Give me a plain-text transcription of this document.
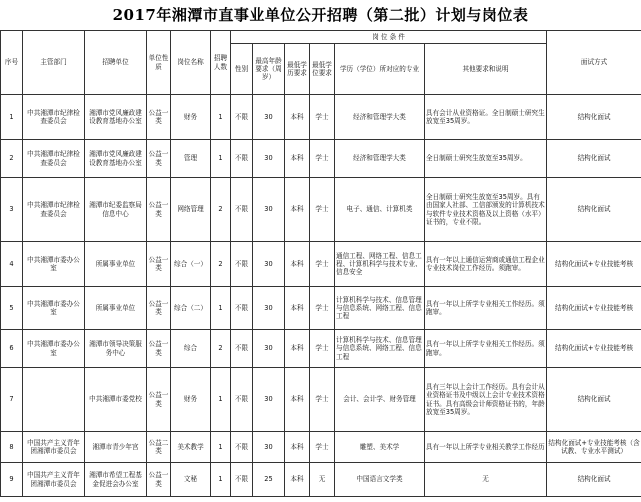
2017年湘潭市直事业单位公开招聘（第二批）计划与岗位表
序号	主管部门	招聘单位	单位性质	岗位名称	招聘人数	岗 位 条 件						面试方式
						性别	最高年龄要求（周岁）	最低学历要求	最低学位要求	学历（学位）所对应的专业	其他要求和说明	
1	中共湘潭市纪律检查委员会	湘潭市党风廉政建设教育基地办公室	公益一类	财务	1	不限	30	本科	学士	经济和管理学大类	具有会计从业资格证。全日制硕士研究生放宽至35周岁。	结构化面试
2	中共湘潭市纪律检查委员会	湘潭市党风廉政建设教育基地办公室	公益一类	管理	1	不限	30	本科	学士	经济和管理学大类	全日制硕士研究生放宽至35周岁。	结构化面试
3	中共湘潭市纪律检查委员会	湘潭市纪委监察局信息中心	公益一类	网络管理	2	不限	30	本科	学士	电子、通信、计算机类	全日制硕士研究生放宽至35周岁。具有由国家人社部、工信部颁发的计算机技术与软件专业技术资格及以上资格（水平）证书的，专业不限。	结构化面试
4	中共湘潭市委办公室	所属事业单位	公益一类	综合（一）	2	不限	30	本科	学士	通信工程、网络工程、信息工程、计算机科学与技术专业、信息安全	具有一年以上通信运营商或通信工程企业专业技术岗位工作经历。须跑审。	结构化面试+专业技能考核
5	中共湘潭市委办公室	所属事业单位	公益一类	综合（二）	1	不限	30	本科	学士	计算机科学与技术、信息管理与信息系统、网络工程、信息工程	具有一年以上所学专业相关工作经历。须跑审。	结构化面试+专业技能考核
6	中共湘潭市委办公室	湘潭市领导决策服务中心	公益一类	综合	2	不限	30	本科	学士	计算机科学与技术、信息管理与信息系统、网络工程、信息工程	具有一年以上所学专业相关工作经历。须跑审。	结构化面试+专业技能考核
7		中共湘潭市委党校	公益一类	财务	1	不限	30	本科	学士	会计、会计学、财务管理	具有三年以上会计工作经历。具有会计从业资格证书及中级以上会计专业技术资格证书。具有高级会计师资格证书的，年龄放宽至35周岁。	结构化面试
8	中国共产主义青年团湘潭市委员会	湘潭市青少年宫	公益二类	美术教学	1	不限	30	本科	学士	雕塑、美术学	具有一年以上所学专业相关教学工作经历	结构化面试+专业技能考核（含试教、专业水平测试）
9	中国共产主义青年团湘潭市委员会	湘潭市希望工程基金促进会办公室	公益一类	文秘	1	不限	25	本科	无	中国语言文学类	无	结构化面试
